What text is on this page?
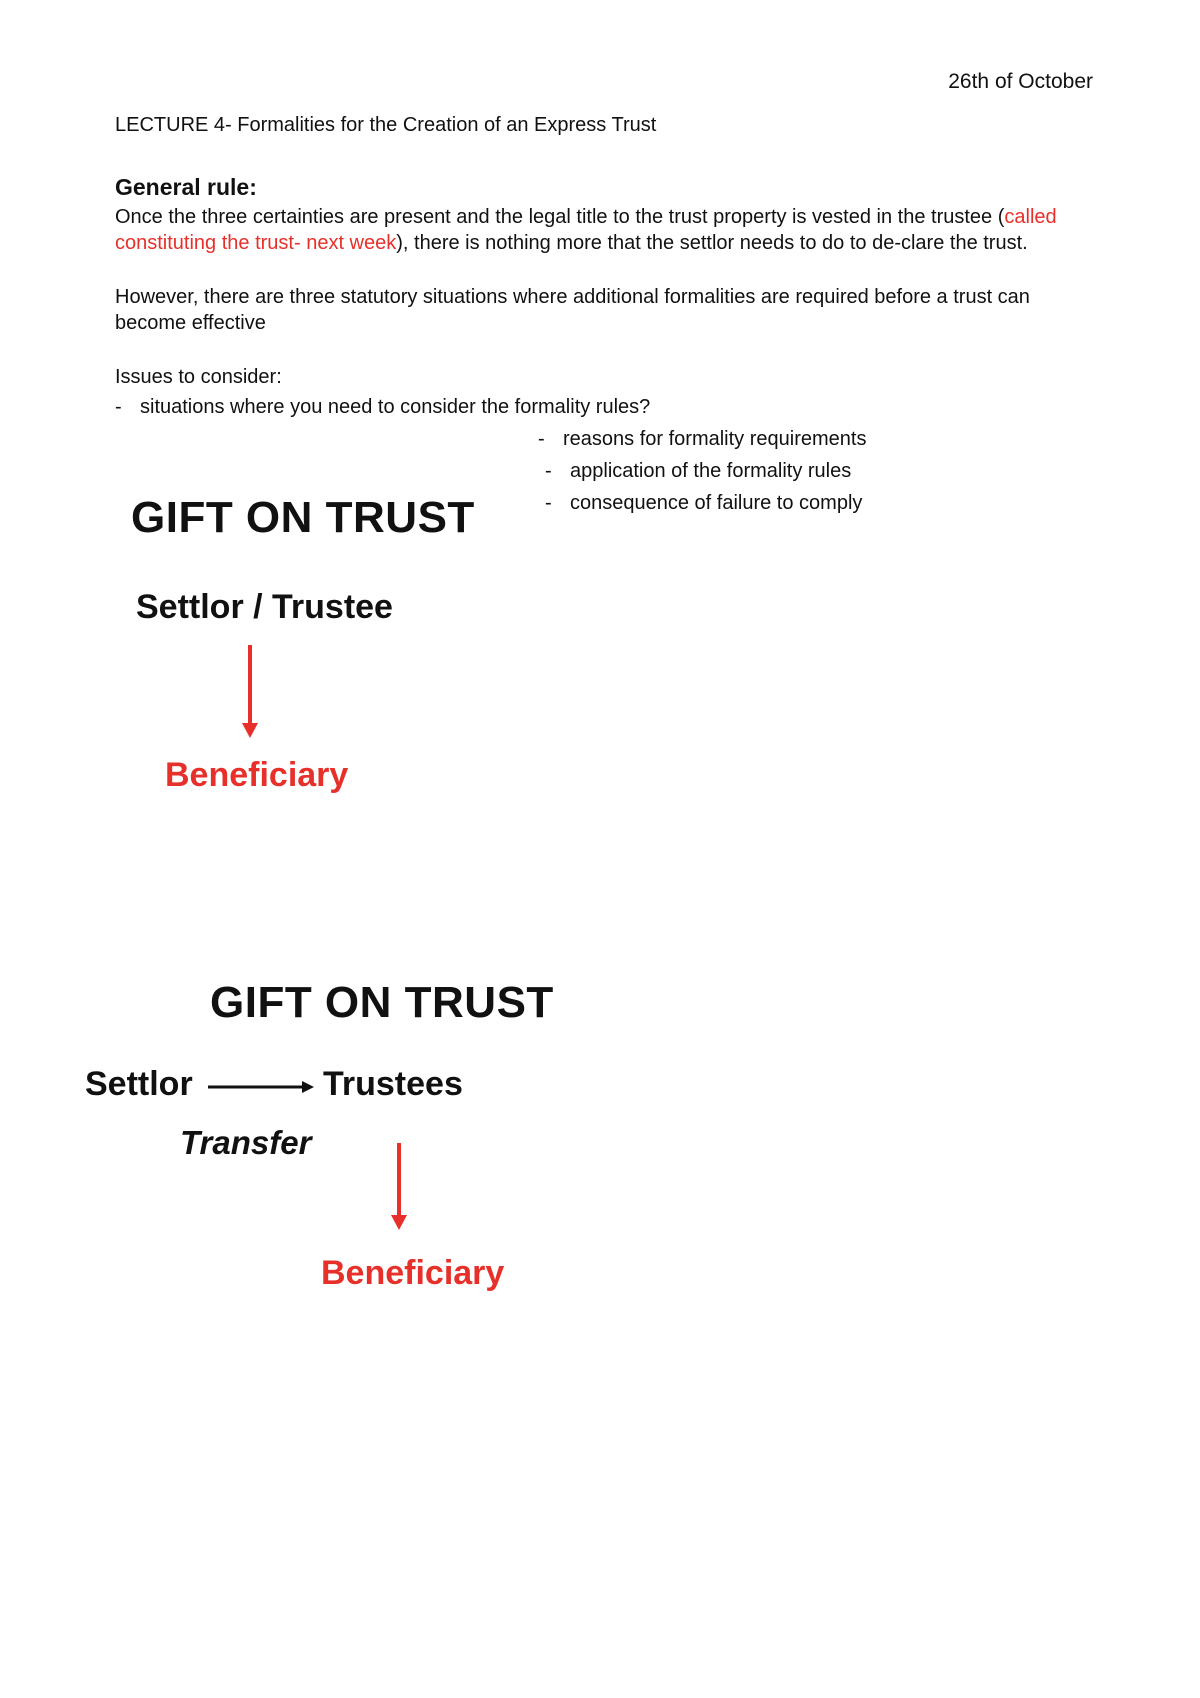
26th of October
LECTURE 4- Formalities for the Creation of an Express Trust
General rule:
Once the three certainties are present and the legal title to the trust property is vested in the trustee (called constituting the trust- next week), there is nothing more that the settlor needs to do to de-clare the trust.
However, there are three statutory situations where additional formalities are required before a trust can become effective
Issues to consider:
- situations where you need to consider the formality rules?
- reasons for formality requirements
- application of the formality rules
- consequence of failure to comply
GIFT ON TRUST
Settlor / Trustee
Beneficiary
GIFT ON TRUST
Settlor	Trustees
Transfer
Beneficiary
